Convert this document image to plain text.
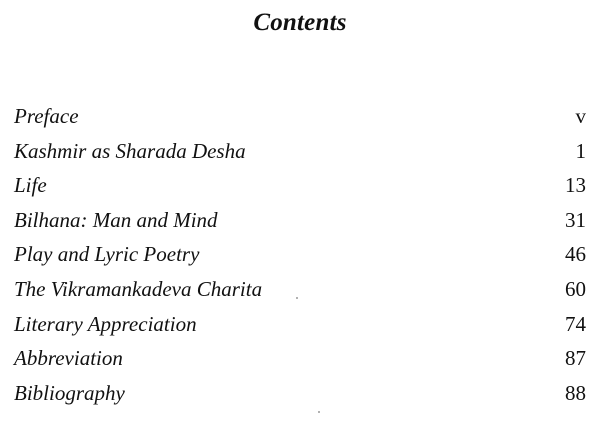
Contents
Preface	v
Kashmir as Sharada Desha	1
Life	13
Bilhana: Man and Mind	31
Play and Lyric Poetry	46
The Vikramankadeva Charita	60
Literary Appreciation	74
Abbreviation	87
Bibliography	88
